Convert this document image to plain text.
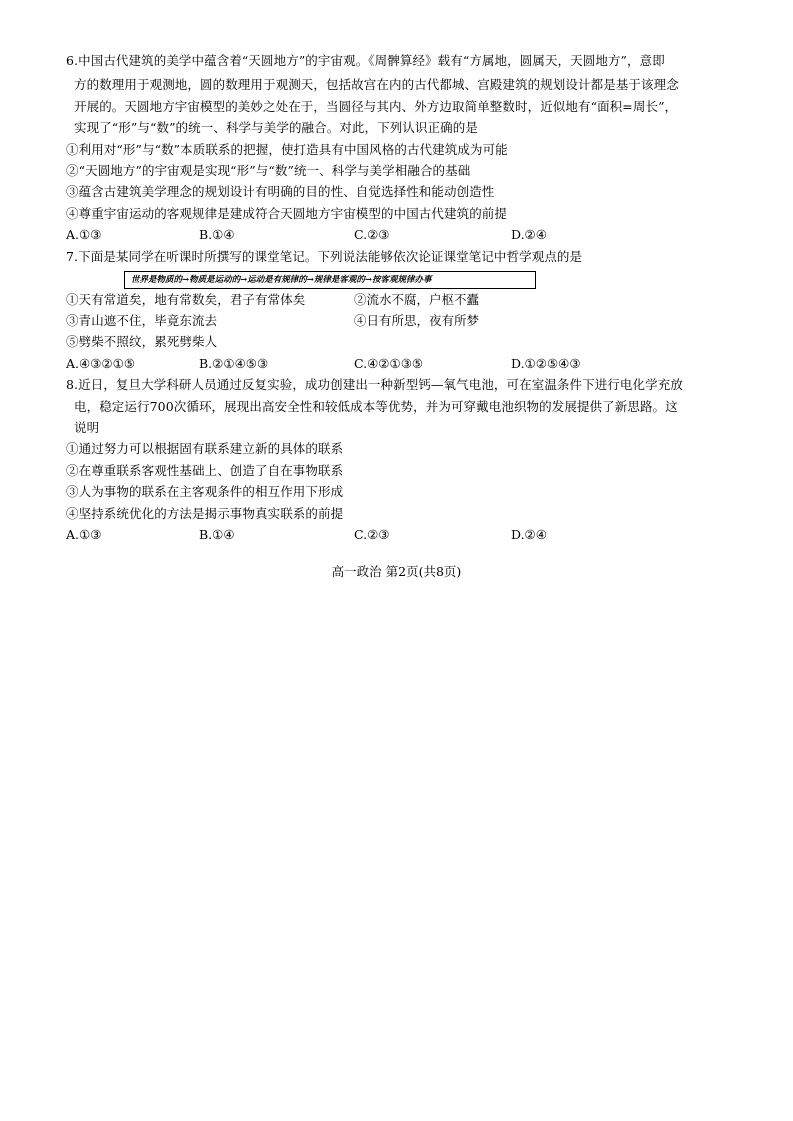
6.中国古代建筑的美学中蕴含着“天圆地方”的宇宙观。《周髀算经》载有“方属地，圆属天，天圆地方”，意即
方的数理用于观测地，圆的数理用于观测天，包括故宫在内的古代都城、宫殿建筑的规划设计都是基于该理念
开展的。天圆地方宇宙模型的美妙之处在于，当圆径与其内、外方边取简单整数时，近似地有“面积=周长”，
实现了“形”与“数”的统一、科学与美学的融合。对此，下列认识正确的是
①利用对“形”与“数”本质联系的把握，使打造具有中国风格的古代建筑成为可能
②“天圆地方”的宇宙观是实现“形”与“数”统一、科学与美学相融合的基础
③蕴含古建筑美学理念的规划设计有明确的目的性、自觉选择性和能动创造性
④尊重宇宙运动的客观规律是建成符合天圆地方宇宙模型的中国古代建筑的前提
A.①③	B.①④	C.②③	D.②④
7.下面是某同学在听课时所撰写的课堂笔记。下列说法能够依次论证课堂笔记中哲学观点的是
世界是物质的→物质是运动的→运动是有规律的→规律是客观的→按客观规律办事
①天有常道矣，地有常数矣，君子有常体矣	②流水不腐，户枢不蠹
③青山遮不住，毕竟东流去	④日有所思，夜有所梦
⑤劈柴不照纹，累死劈柴人
A.④③②①⑤	B.②①④⑤③	C.④②①③⑤	D.①②⑤④③
8.近日，复旦大学科研人员通过反复实验，成功创建出一种新型钙—氧气电池，可在室温条件下进行电化学充放
电，稳定运行700次循环，展现出高安全性和较低成本等优势，并为可穿戴电池织物的发展提供了新思路。这
说明
①通过努力可以根据固有联系建立新的具体的联系
②在尊重联系客观性基础上、创造了自在事物联系
③人为事物的联系在主客观条件的相互作用下形成
④坚持系统优化的方法是揭示事物真实联系的前提
A.①③	B.①④	C.②③	D.②④
高一政治 第2页(共8页)
